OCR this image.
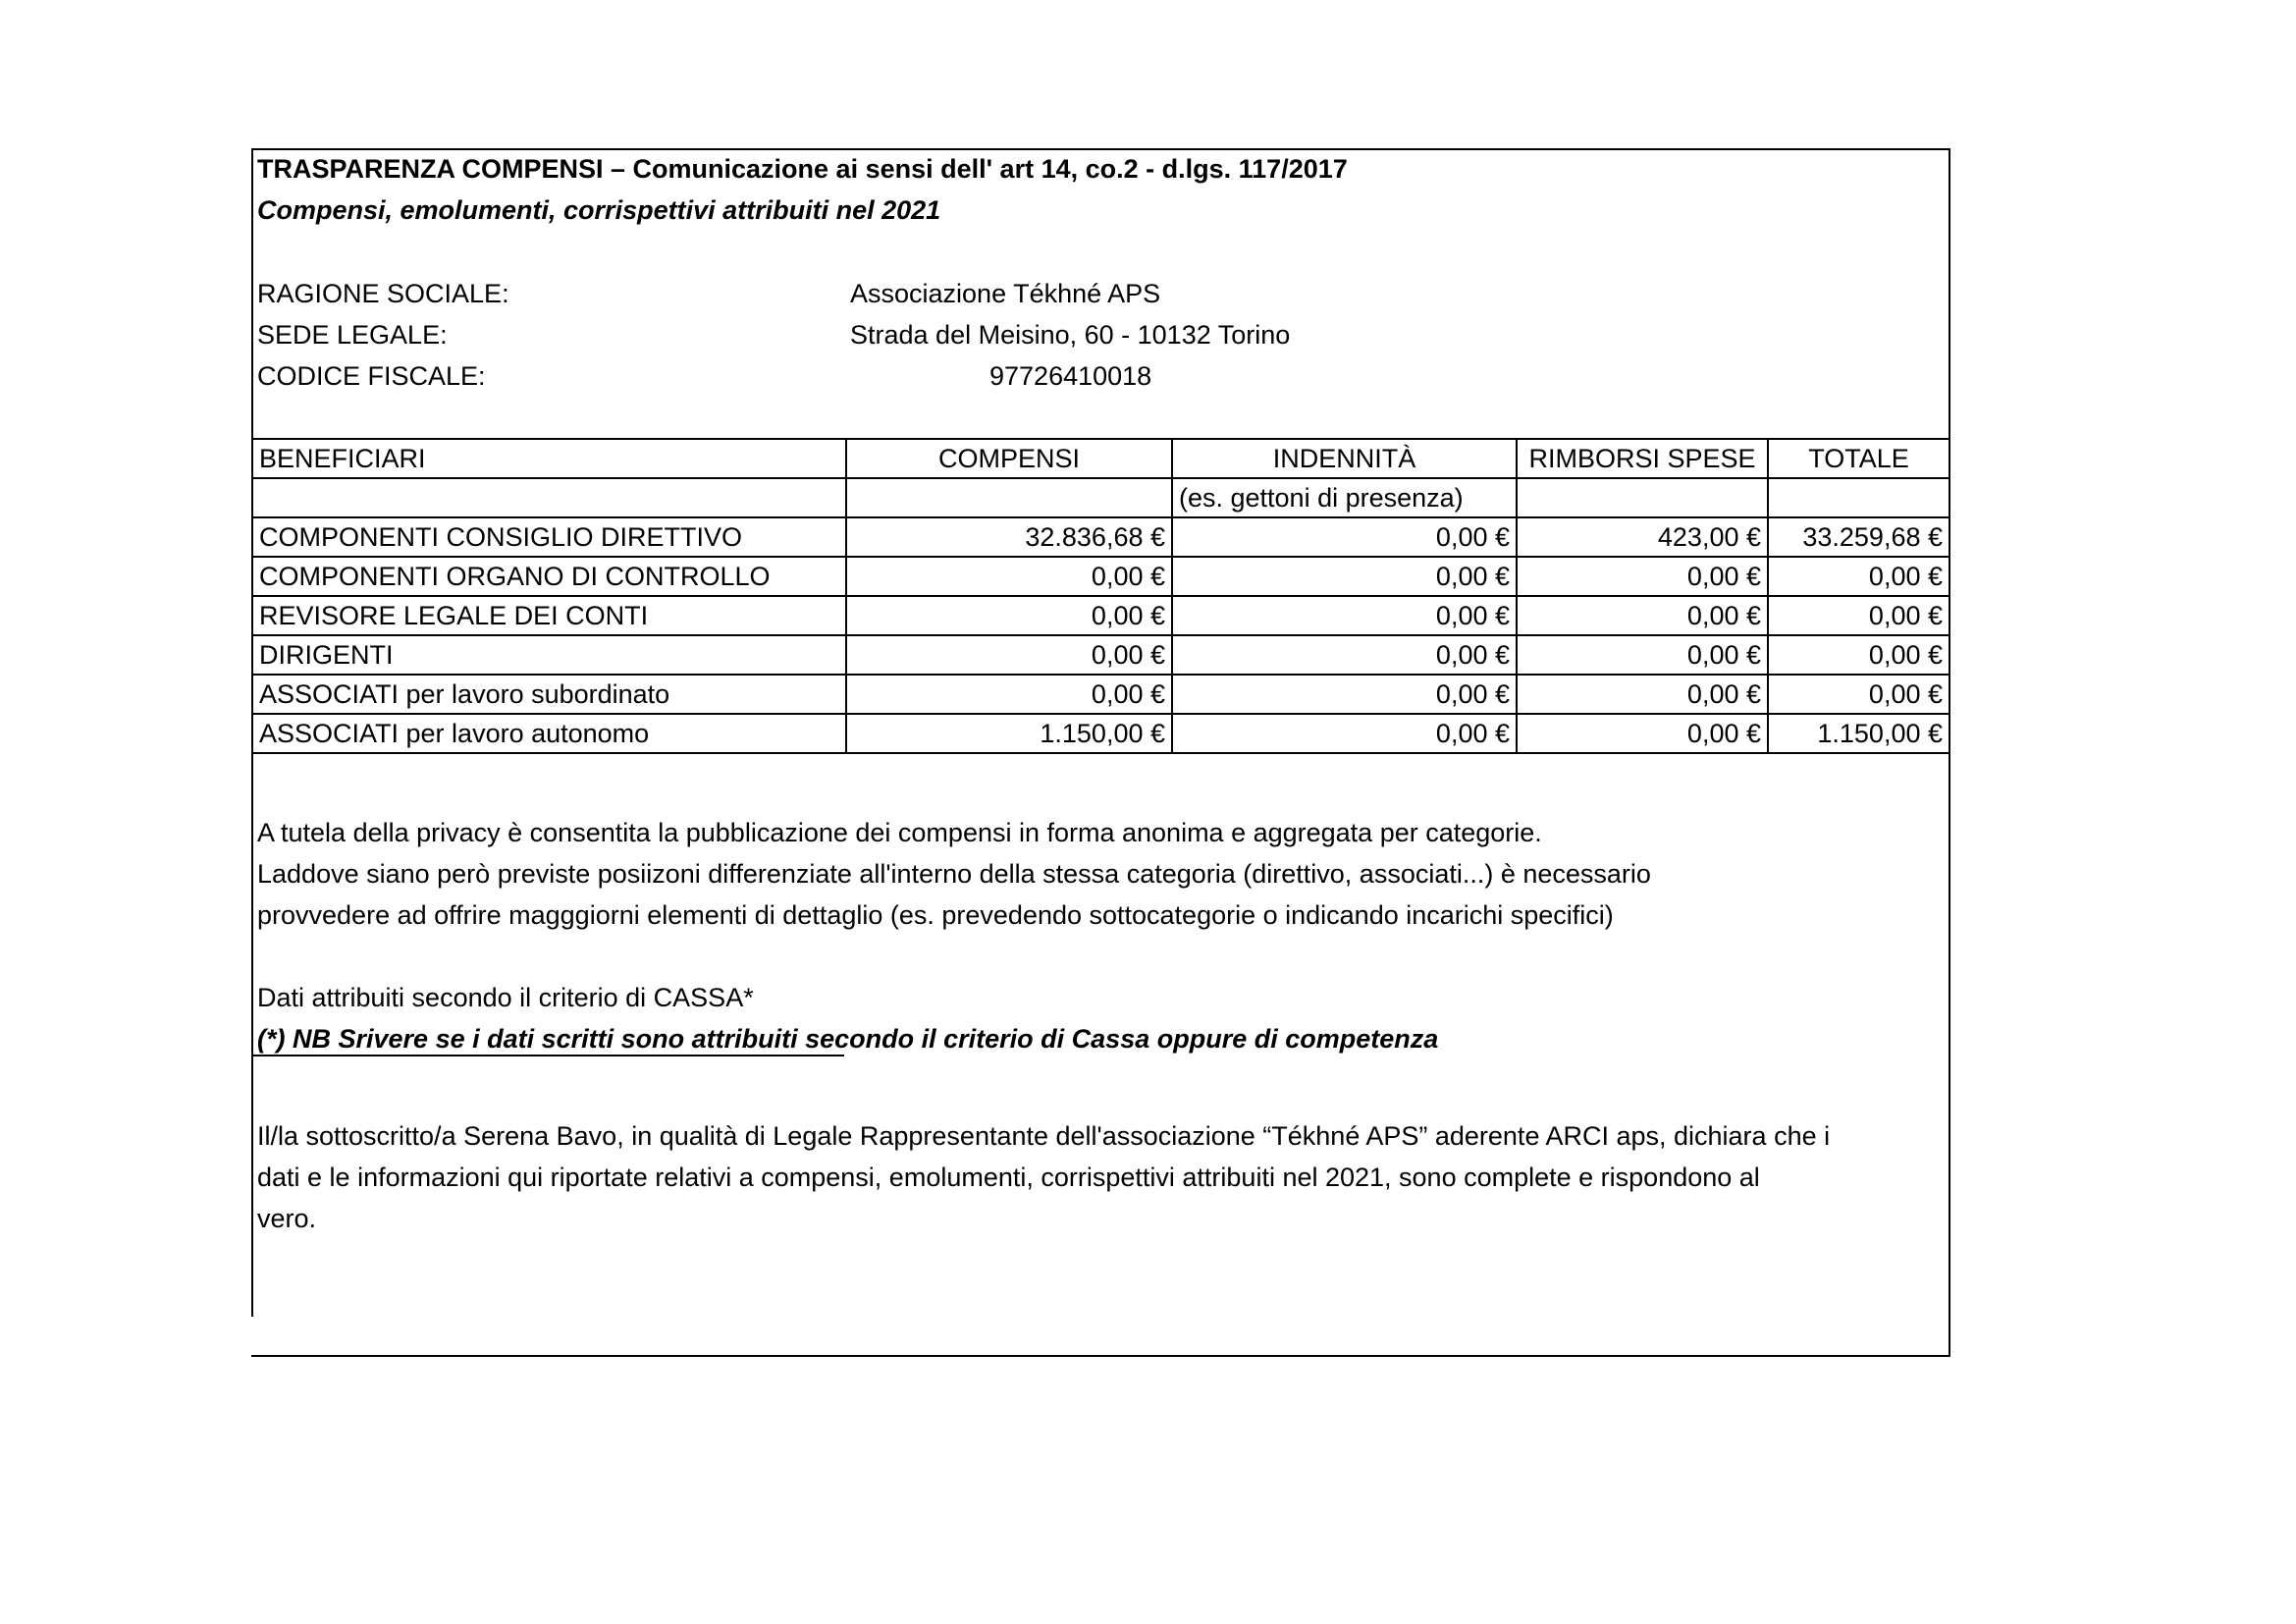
TRASPARENZA COMPENSI – Comunicazione ai sensi dell' art 14, co.2 - d.lgs. 117/2017
Compensi, emolumenti, corrispettivi attribuiti nel 2021
RAGIONE SOCIALE:	Associazione Tékhné APS
SEDE LEGALE:	Strada del Meisino, 60 - 10132 Torino
CODICE FISCALE:	97726410018
BENEFICIARI	COMPENSI	INDENNITÀ	RIMBORSI SPESE	TOTALE
		(es. gettoni di presenza)		
COMPONENTI CONSIGLIO DIRETTIVO	32.836,68 €	0,00 €	423,00 €	33.259,68 €
COMPONENTI ORGANO DI CONTROLLO	0,00 €	0,00 €	0,00 €	0,00 €
REVISORE LEGALE DEI CONTI	0,00 €	0,00 €	0,00 €	0,00 €
DIRIGENTI	0,00 €	0,00 €	0,00 €	0,00 €
ASSOCIATI per lavoro subordinato	0,00 €	0,00 €	0,00 €	0,00 €
ASSOCIATI per lavoro autonomo	1.150,00 €	0,00 €	0,00 €	1.150,00 €
A tutela della privacy è consentita la pubblicazione dei compensi in forma anonima e aggregata per categorie.
Laddove siano però previste posiizoni differenziate all'interno della stessa categoria (direttivo, associati...) è necessario
provvedere ad offrire magggiorni elementi di dettaglio (es. prevedendo sottocategorie o indicando incarichi specifici)
Dati attribuiti secondo il criterio di CASSA*
(*) NB Srivere se i dati scritti sono attribuiti secondo il criterio di Cassa oppure di competenza
Il/la sottoscritto/a Serena Bavo, in qualità di Legale Rappresentante dell'associazione “Tékhné APS” aderente ARCI aps, dichiara che i
dati e le informazioni qui riportate relativi a compensi, emolumenti, corrispettivi attribuiti nel 2021, sono complete e rispondono al
vero.
